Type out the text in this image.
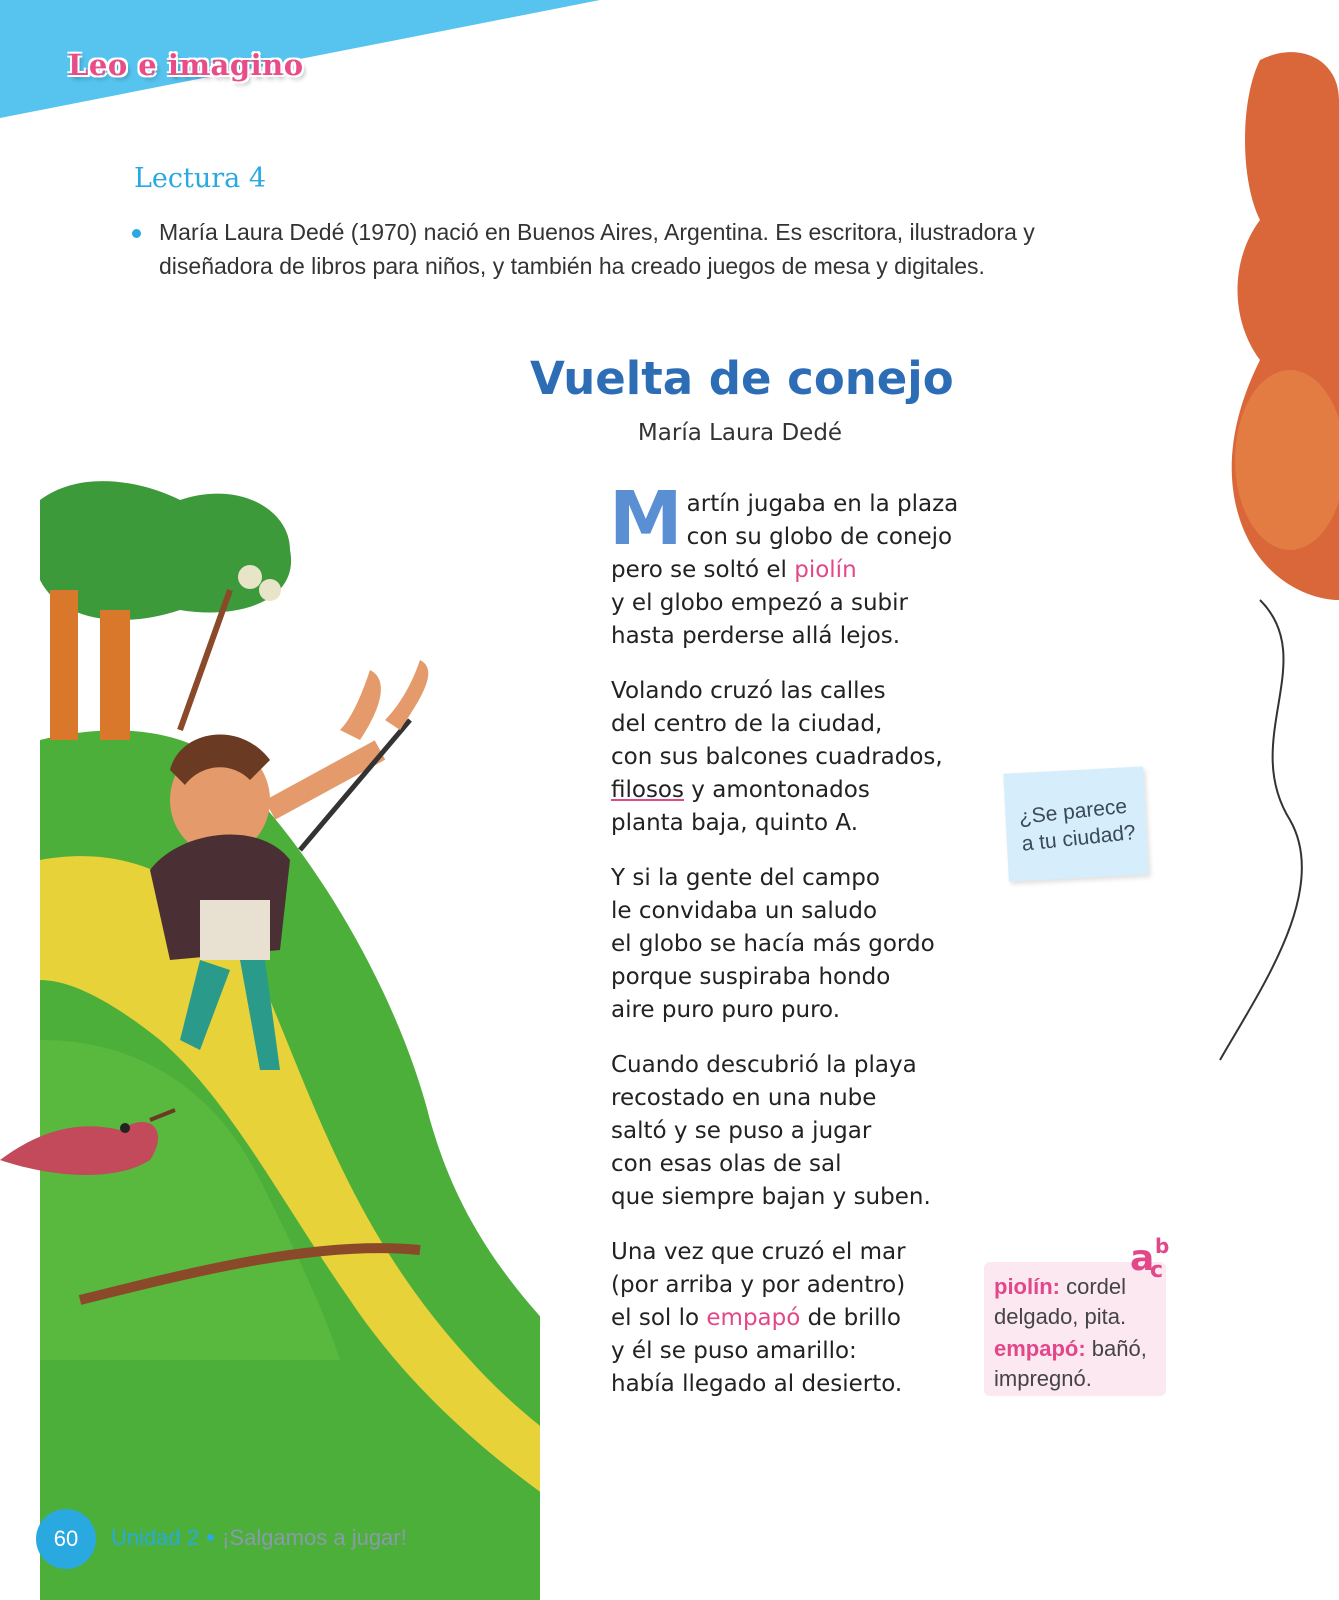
Leo e imagino
Lectura 4
María Laura Dedé (1970) nació en Buenos Aires, Argentina. Es escritora, ilustradora y diseñadora de libros para niños, y también ha creado juegos de mesa y digitales.
Vuelta de conejo
María Laura Dedé
M artín jugaba en la plaza
con su globo de conejo
pero se soltó el piolín
y el globo empezó a subir
hasta perderse allá lejos.
Volando cruzó las calles
del centro de la ciudad,
con sus balcones cuadrados,
filosos y amontonados
planta baja, quinto A.
Y si la gente del campo
le convidaba un saludo
el globo se hacía más gordo
porque suspiraba hondo
aire puro puro puro.
Cuando descubrió la playa
recostado en una nube
saltó y se puso a jugar
con esas olas de sal
que siempre bajan y suben.
Una vez que cruzó el mar
(por arriba y por adentro)
el sol lo empapó de brillo
y él se puso amarillo:
había llegado al desierto.
¿Se parece
a tu ciudad?
piolín: cordel delgado, pita.
empapó: bañó, impregnó.
a b
c
60	Unidad 2 ¡Salgamos a jugar!
